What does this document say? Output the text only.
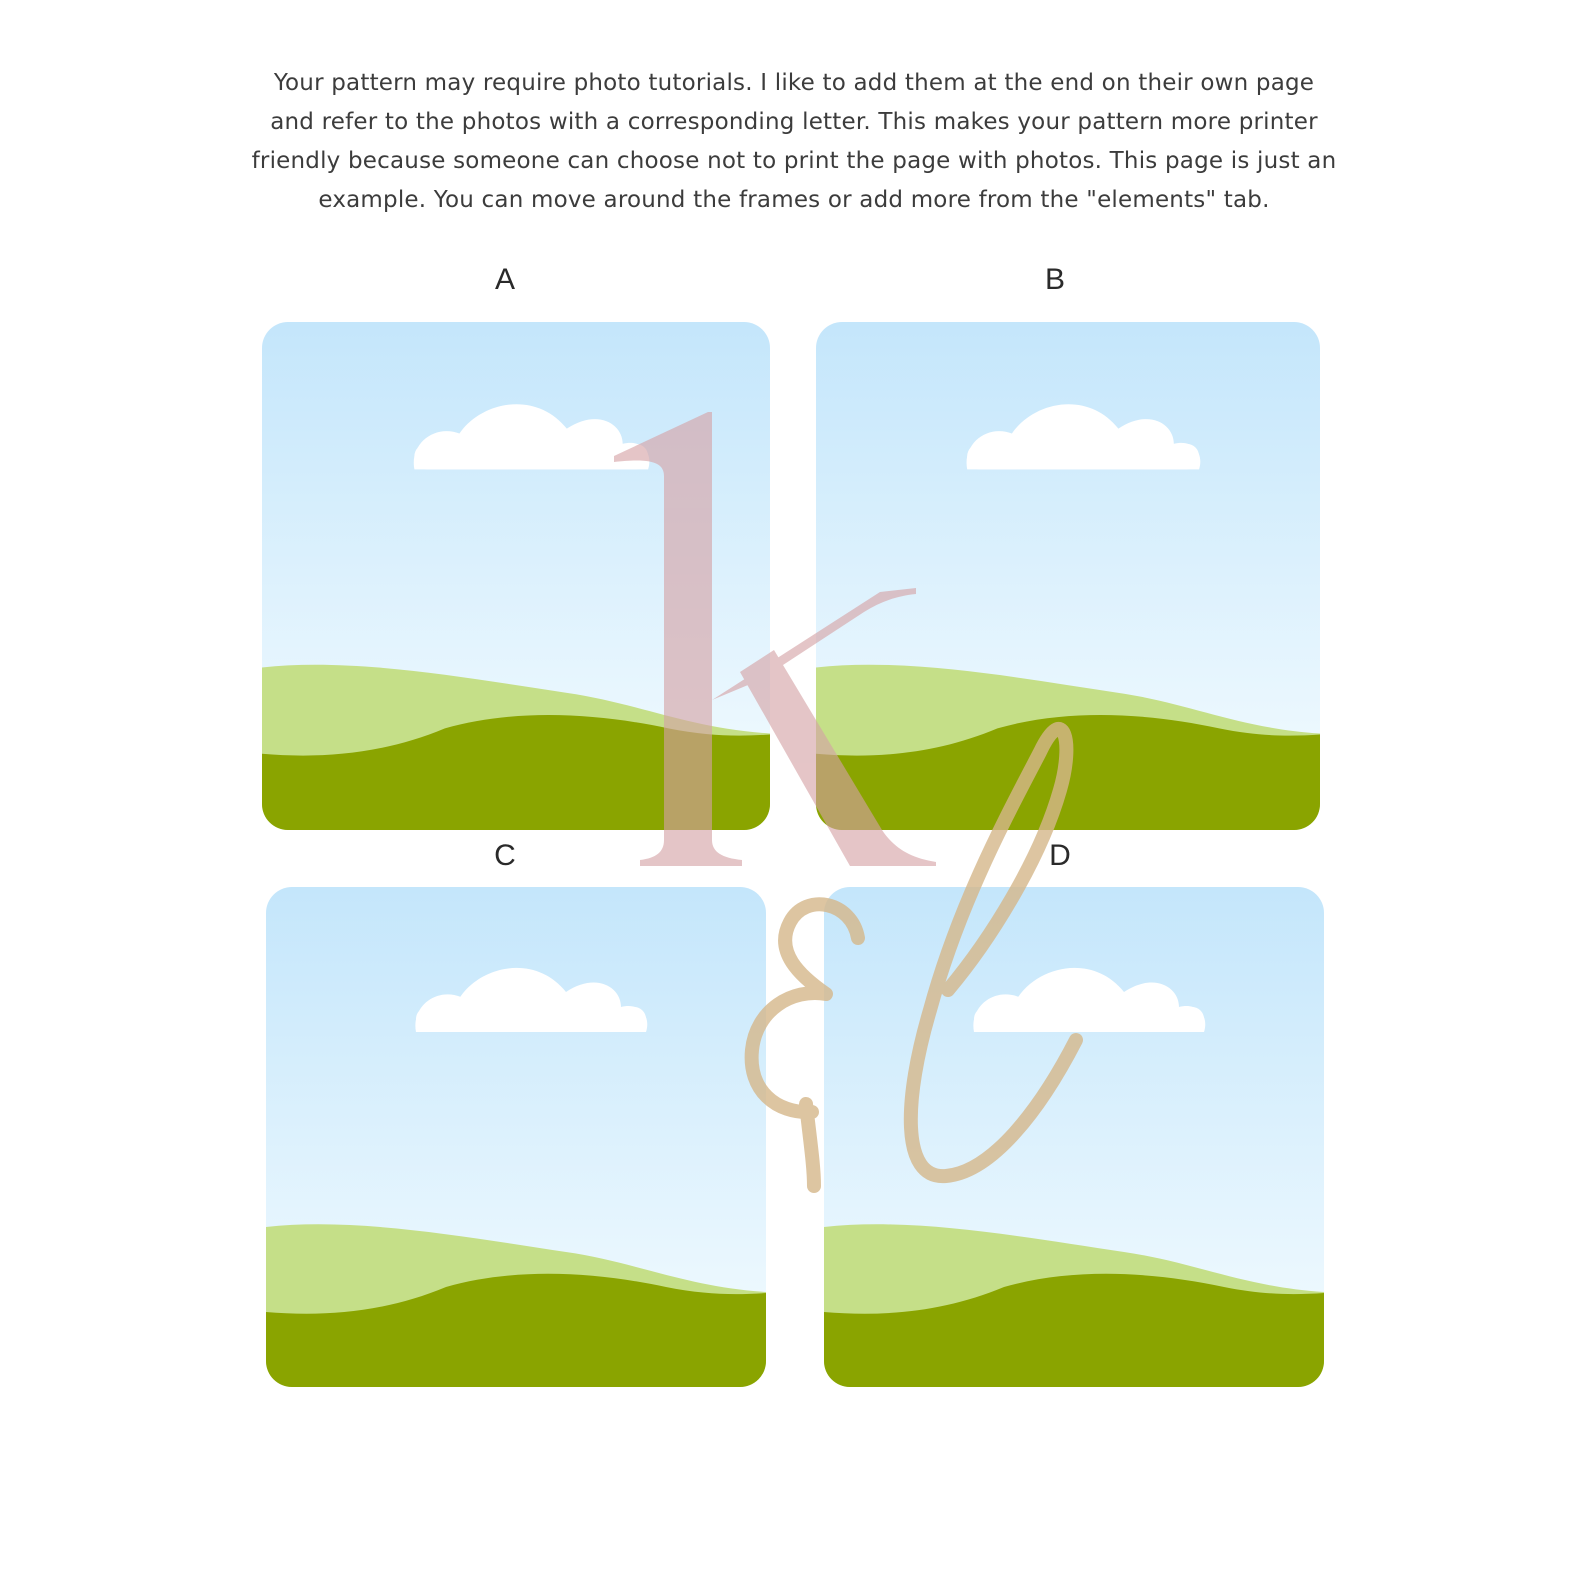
Your pattern may require photo tutorials. I like to add them at the end on their own page and refer to the photos with a corresponding letter. This makes your pattern more printer friendly because someone can choose not to print the page with photos. This page is just an example. You can move around the frames or add more from the "elements" tab.

A	B
C	D
